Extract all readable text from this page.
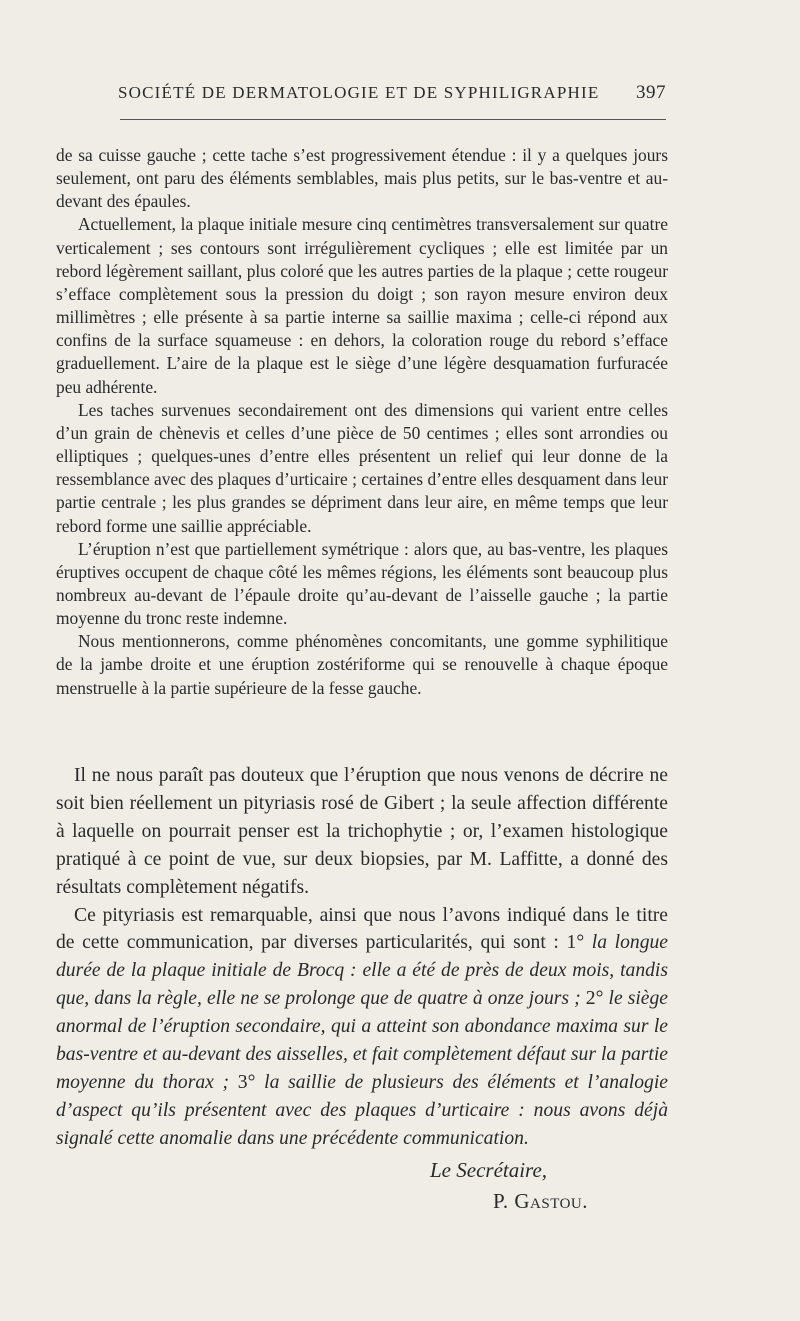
SOCIÉTÉ DE DERMATOLOGIE ET DE SYPHILIGRAPHIE 397

de sa cuisse gauche ; cette tache s’est progressivement étendue : il y a quelques jours seulement, ont paru des éléments semblables, mais plus petits, sur le bas-ventre et au-devant des épaules.

Actuellement, la plaque initiale mesure cinq centimètres transversalement sur quatre verticalement ; ses contours sont irrégulièrement cycliques ; elle est limitée par un rebord légèrement saillant, plus coloré que les autres parties de la plaque ; cette rougeur s’efface complètement sous la pression du doigt ; son rayon mesure environ deux millimètres ; elle présente à sa partie interne sa saillie maxima ; celle-ci répond aux confins de la surface squameuse : en dehors, la coloration rouge du rebord s’efface graduellement. L’aire de la plaque est le siège d’une légère desquamation furfuracée peu adhérente.

Les taches survenues secondairement ont des dimensions qui varient entre celles d’un grain de chènevis et celles d’une pièce de 50 centimes ; elles sont arrondies ou elliptiques ; quelques-unes d’entre elles présentent un relief qui leur donne de la ressemblance avec des plaques d’urticaire ; certaines d’entre elles desquament dans leur partie centrale ; les plus grandes se dépriment dans leur aire, en même temps que leur rebord forme une saillie appréciable.

L’éruption n’est que partiellement symétrique : alors que, au bas-ventre, les plaques éruptives occupent de chaque côté les mêmes régions, les éléments sont beaucoup plus nombreux au-devant de l’épaule droite qu’au-devant de l’aisselle gauche ; la partie moyenne du tronc reste indemne.

Nous mentionnerons, comme phénomènes concomitants, une gomme syphilitique de la jambe droite et une éruption zostériforme qui se renouvelle à chaque époque menstruelle à la partie supérieure de la fesse gauche.

Il ne nous paraît pas douteux que l’éruption que nous venons de décrire ne soit bien réellement un pityriasis rosé de Gibert ; la seule affection différente à laquelle on pourrait penser est la trichophytie ; or, l’examen histologique pratiqué à ce point de vue, sur deux biopsies, par M. Laffitte, a donné des résultats complètement négatifs.

Ce pityriasis est remarquable, ainsi que nous l’avons indiqué dans le titre de cette communication, par diverses particularités, qui sont : 1° la longue durée de la plaque initiale de Brocq : elle a été de près de deux mois, tandis que, dans la règle, elle ne se prolonge que de quatre à onze jours ; 2° le siège anormal de l’éruption secondaire, qui a atteint son abondance maxima sur le bas-ventre et au-devant des aisselles, et fait complètement défaut sur la partie moyenne du thorax ; 3° la saillie de plusieurs des éléments et l’analogie d’aspect qu’ils présentent avec des plaques d’urticaire : nous avons déjà signalé cette anomalie dans une précédente communication.

Le Secrétaire,
P. Gastou.
